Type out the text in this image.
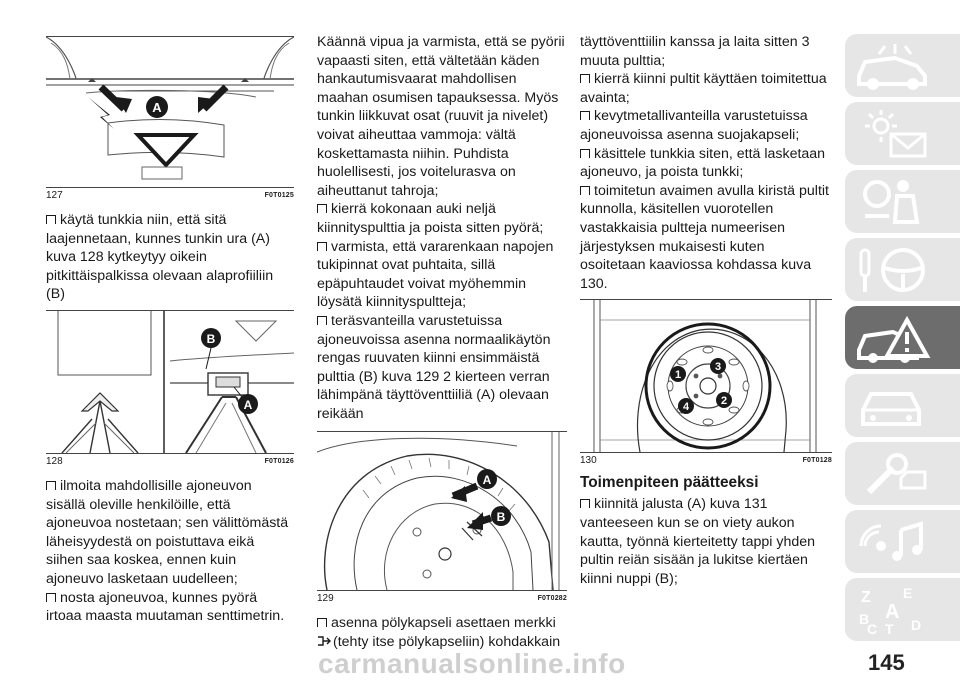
A
127	F0T0125

käytä tunkkia niin, että sitä laajennetaan, kunnes tunkin ura (A) kuva 128 kytkeytyy oikein pitkittäispalkissa olevaan alaprofiiliin (B)

B
A
128	F0T0126

ilmoita mahdollisille ajoneuvon sisällä oleville henkilöille, että ajoneuvoa nostetaan; sen välittömästä läheisyydestä on poistuttava eikä siihen saa koskea, ennen kuin ajoneuvo lasketaan uudelleen;

nosta ajoneuvoa, kunnes pyörä irtoaa maasta muutaman senttimetrin.

Käännä vipua ja varmista, että se pyörii vapaasti siten, että vältetään käden hankautumisvaarat mahdollisen maahan osumisen tapauksessa. Myös tunkin liikkuvat osat (ruuvit ja nivelet) voivat aiheuttaa vammoja: vältä koskettamasta niihin. Puhdista huolellisesti, jos voitelurasva on aiheuttanut tahroja;

kierrä kokonaan auki neljä kiinnityspulttia ja poista sitten pyörä;

varmista, että vararenkaan napojen tukipinnat ovat puhtaita, sillä epäpuhtaudet voivat myöhemmin löysätä kiinnityspultteja;

teräsvanteilla varustetuissa ajoneuvoissa asenna normaalikäytön rengas ruuvaten kiinni ensimmäistä pulttia (B) kuva 129 2 kierteen verran lähimpänä täyttöventtiiliä (A) olevaan reikään

A
B
129	F0T0282

asenna pölykapseli asettaen merkki

(tehty itse pölykapseliin) kohdakkain

täyttöventtiilin kanssa ja laita sitten 3 muuta pulttia;

kierrä kiinni pultit käyttäen toimitettua avainta;

kevytmetallivanteilla varustetuissa ajoneuvoissa asenna suojakapseli;

käsittele tunkkia siten, että lasketaan ajoneuvo, ja poista tunkki;

toimitetun avaimen avulla kiristä pultit kunnolla, käsitellen vuorotellen vastakkaisia pultteja numeerisen järjestyksen mukaisesti kuten osoitetaan kaaviossa kohdassa kuva 130.

1
2
3
4
130	F0T0128
Toimenpiteen päätteeksi

kiinnitä jalusta (A) kuva 131 vanteeseen kun se on viety aukon kautta, työnnä kierteitetty tappi yhden pultin reiän sisään ja lukitse kiertäen kiinni nuppi (B);

Z E
A
B
C T D
carmanualsonline.info	145
